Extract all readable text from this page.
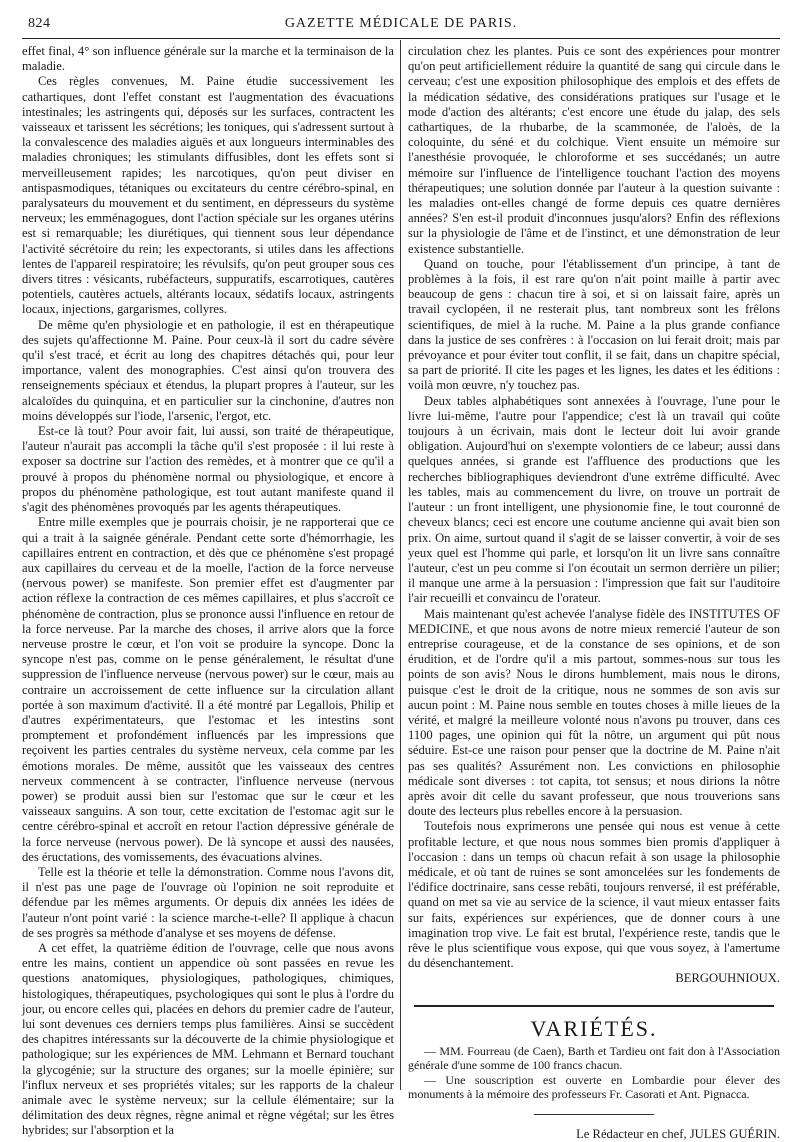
824	GAZETTE MÉDICALE DE PARIS.

effet final, 4° son influence générale sur la marche et la terminaison de la maladie.

Ces règles convenues, M. Paine étudie successivement les cathartiques, dont l'effet constant est l'augmentation des évacuations intestinales; les astringents qui, déposés sur les surfaces, contractent les vaisseaux et tarissent les sécrétions; les toniques, qui s'adressent surtout à la convalescence des maladies aiguës et aux longueurs interminables des maladies chroniques; les stimulants diffusibles, dont les effets sont si merveilleusement rapides; les narcotiques, qu'on peut diviser en antispasmodiques, tétaniques ou excitateurs du centre cérébro-spinal, en paralysateurs du mouvement et du sentiment, en dépresseurs du système nerveux; les emménagogues, dont l'action spéciale sur les organes utérins est si remarquable; les diurétiques, qui tiennent sous leur dépendance l'activité sécrétoire du rein; les expectorants, si utiles dans les affections lentes de l'appareil respiratoire; les révulsifs, qu'on peut grouper sous ces divers titres : vésicants, rubéfacteurs, suppuratifs, escarrotiques, cautères potentiels, cautères actuels, altérants locaux, sédatifs locaux, astringents locaux, injections, gargarismes, collyres.

De même qu'en physiologie et en pathologie, il est en thérapeutique des sujets qu'affectionne M. Paine. Pour ceux-là il sort du cadre sévère qu'il s'est tracé, et écrit au long des chapitres détachés qui, pour leur importance, valent des monographies. C'est ainsi qu'on trouvera des renseignements spéciaux et étendus, la plupart propres à l'auteur, sur les alcaloïdes du quinquina, et en particulier sur la cinchonine, d'autres non moins développés sur l'iode, l'arsenic, l'ergot, etc.

Est-ce là tout? Pour avoir fait, lui aussi, son traité de thérapeutique, l'auteur n'aurait pas accompli la tâche qu'il s'est proposée : il lui reste à exposer sa doctrine sur l'action des remèdes, et à montrer que ce qu'il a prouvé à propos du phénomène normal ou physiologique, et encore à propos du phénomène pathologique, est tout autant manifeste quand il s'agit des phénomènes provoqués par les agents thérapeutiques.

Entre mille exemples que je pourrais choisir, je ne rapporterai que ce qui a trait à la saignée générale. Pendant cette sorte d'hémorrhagie, les capillaires entrent en contraction, et dès que ce phénomène s'est propagé aux capillaires du cerveau et de la moelle, l'action de la force nerveuse (nervous power) se manifeste. Son premier effet est d'augmenter par action réflexe la contraction de ces mêmes capillaires, et plus s'accroît ce phénomène de contraction, plus se prononce aussi l'influence en retour de la force nerveuse. Par la marche des choses, il arrive alors que la force nerveuse prostre le cœur, et l'on voit se produire la syncope. Donc la syncope n'est pas, comme on le pense généralement, le résultat d'une suppression de l'influence nerveuse (nervous power) sur le cœur, mais au contraire un accroissement de cette influence sur la circulation allant portée à son maximum d'activité. Il a été montré par Legallois, Philip et d'autres expérimentateurs, que l'estomac et les intestins sont promptement et profondément influencés par les impressions que reçoivent les parties centrales du système nerveux, cela comme par les émotions morales. De même, aussitôt que les vaisseaux des centres nerveux commencent à se contracter, l'influence nerveuse (nervous power) se produit aussi bien sur l'estomac que sur le cœur et les vaisseaux sanguins. A son tour, cette excitation de l'estomac agit sur le centre cérébro-spinal et accroît en retour l'action dépressive générale de la force nerveuse (nervous power). De là syncope et aussi des nausées, des éructations, des vomissements, des évacuations alvines.

Telle est la théorie et telle la démonstration. Comme nous l'avons dit, il n'est pas une page de l'ouvrage où l'opinion ne soit reproduite et défendue par les mêmes arguments. Or depuis dix années les idées de l'auteur n'ont point varié : la science marche-t-elle? Il applique à chacun de ses progrès sa méthode d'analyse et ses moyens de défense.

A cet effet, la quatrième édition de l'ouvrage, celle que nous avons entre les mains, contient un appendice où sont passées en revue les questions anatomiques, physiologiques, pathologiques, chimiques, histologiques, thérapeutiques, psychologiques qui sont le plus à l'ordre du jour, ou encore celles qui, placées en dehors du premier cadre de l'auteur, lui sont devenues ces derniers temps plus familières. Ainsi se succèdent des chapitres intéressants sur la découverte de la chimie physiologique et pathologique; sur les expériences de MM. Lehmann et Bernard touchant la glycogénie; sur la structure des organes; sur la moelle épinière; sur l'influx nerveux et ses propriétés vitales; sur les rapports de la chaleur animale avec le système nerveux; sur la cellule élémentaire; sur la délimitation des deux règnes, règne animal et règne végétal; sur les êtres hybrides; sur l'absorption et la

circulation chez les plantes. Puis ce sont des expériences pour montrer qu'on peut artificiellement réduire la quantité de sang qui circule dans le cerveau; c'est une exposition philosophique des emplois et des effets de la médication sédative, des considérations pratiques sur l'usage et le mode d'action des altérants; c'est encore une étude du jalap, des sels cathartiques, de la rhubarbe, de la scammonée, de l'aloès, de la coloquinte, du séné et du colchique. Vient ensuite un mémoire sur l'anesthésie provoquée, le chloroforme et ses succédanés; un autre mémoire sur l'influence de l'intelligence touchant l'action des moyens thérapeutiques; une solution donnée par l'auteur à la question suivante : les maladies ont-elles changé de forme depuis ces quatre dernières années? S'en est-il produit d'inconnues jusqu'alors? Enfin des réflexions sur la physiologie de l'âme et de l'instinct, et une démonstration de leur existence substantielle.

Quand on touche, pour l'établissement d'un principe, à tant de problèmes à la fois, il est rare qu'on n'ait point maille à partir avec beaucoup de gens : chacun tire à soi, et si on laissait faire, après un travail cyclopéen, il ne resterait plus, tant nombreux sont les frêlons scientifiques, de miel à la ruche. M. Paine a la plus grande confiance dans la justice de ses confrères : à l'occasion on lui ferait droit; mais par prévoyance et pour éviter tout conflit, il se fait, dans un chapitre spécial, sa part de priorité. Il cite les pages et les lignes, les dates et les éditions : voilà mon œuvre, n'y touchez pas.

Deux tables alphabétiques sont annexées à l'ouvrage, l'une pour le livre lui-même, l'autre pour l'appendice; c'est là un travail qui coûte toujours à un écrivain, mais dont le lecteur doit lui avoir grande obligation. Aujourd'hui on s'exempte volontiers de ce labeur; aussi dans quelques années, si grande est l'affluence des productions que les recherches bibliographiques deviendront d'une extrême difficulté. Avec les tables, mais au commencement du livre, on trouve un portrait de l'auteur : un front intelligent, une physionomie fine, le tout couronné de cheveux blancs; ceci est encore une coutume ancienne qui avait bien son prix. On aime, surtout quand il s'agit de se laisser convertir, à voir de ses yeux quel est l'homme qui parle, et lorsqu'on lit un livre sans connaître l'auteur, c'est un peu comme si l'on écoutait un sermon derrière un pilier; il manque une arme à la persuasion : l'impression que fait sur l'auditoire l'air recueilli et convaincu de l'orateur.

Mais maintenant qu'est achevée l'analyse fidèle des INSTITUTES OF MEDICINE, et que nous avons de notre mieux remercié l'auteur de son entreprise courageuse, et de la constance de ses opinions, et de son érudition, et de l'ordre qu'il a mis partout, sommes-nous sur tous les points de son avis? Nous le dirons humblement, mais nous le dirons, puisque c'est le droit de la critique, nous ne sommes de son avis sur aucun point : M. Paine nous semble en toutes choses à mille lieues de la vérité, et malgré la meilleure volonté nous n'avons pu trouver, dans ces 1100 pages, une opinion qui fût la nôtre, un argument qui pût nous séduire. Est-ce une raison pour penser que la doctrine de M. Paine n'ait pas ses qualités? Assurément non. Les convictions en philosophie médicale sont diverses : tot capita, tot sensus; et nous dirions la nôtre après avoir dit celle du savant professeur, que nous trouverions sans doute des lecteurs plus rebelles encore à la persuasion.

Toutefois nous exprimerons une pensée qui nous est venue à cette profitable lecture, et que nous nous sommes bien promis d'appliquer à l'occasion : dans un temps où chacun refait à son usage la philosophie médicale, et où tant de ruines se sont amoncelées sur les fondements de l'édifice doctrinaire, sans cesse rebâti, toujours renversé, il est préférable, quand on met sa vie au service de la science, il vaut mieux entasser faits sur faits, expériences sur expériences, que de donner cours à une imagination trop vive. Le fait est brutal, l'expérience reste, tandis que le rêve le plus scientifique vous expose, qui que vous soyez, à l'amertume du désenchantement.

BERGOUHNIOUX.

VARIÉTÉS.

— MM. Fourreau (de Caen), Barth et Tardieu ont fait don à l'Association générale d'une somme de 100 francs chacun.

— Une souscription est ouverte en Lombardie pour élever des monuments à la mémoire des professeurs Fr. Casorati et Ant. Pignacca.

Le Rédacteur en chef, JULES GUÉRIN.
